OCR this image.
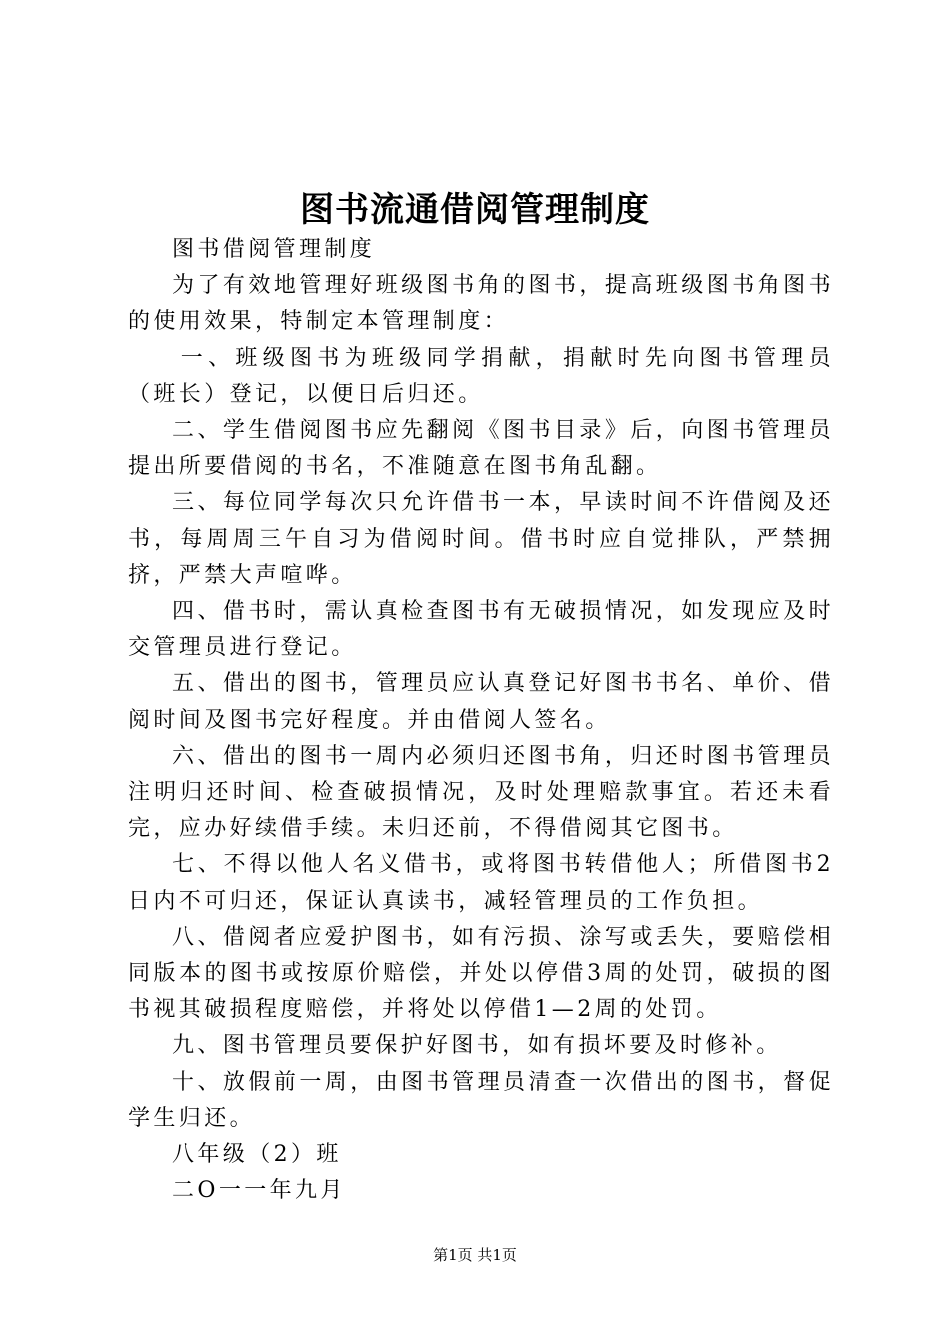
图书流通借阅管理制度

图书借阅管理制度

为了有效地管理好班级图书角的图书，提高班级图书角图书的使用效果，特制定本管理制度：

一、班级图书为班级同学捐献，捐献时先向图书管理员（班长）登记，以便日后归还。

二、学生借阅图书应先翻阅《图书目录》后，向图书管理员提出所要借阅的书名，不准随意在图书角乱翻。

三、每位同学每次只允许借书一本，早读时间不许借阅及还书，每周周三午自习为借阅时间。借书时应自觉排队，严禁拥挤，严禁大声喧哗。

四、借书时，需认真检查图书有无破损情况，如发现应及时交管理员进行登记。

五、借出的图书，管理员应认真登记好图书书名、单价、借阅时间及图书完好程度。并由借阅人签名。

六、借出的图书一周内必须归还图书角，归还时图书管理员注明归还时间、检查破损情况，及时处理赔款事宜。若还未看完，应办好续借手续。未归还前，不得借阅其它图书。

七、不得以他人名义借书，或将图书转借他人；所借图书2日内不可归还，保证认真读书，减轻管理员的工作负担。

八、借阅者应爱护图书，如有污损、涂写或丢失，要赔偿相同版本的图书或按原价赔偿，并处以停借3周的处罚，破损的图书视其破损程度赔偿，并将处以停借1—2周的处罚。

九、图书管理员要保护好图书，如有损坏要及时修补。

十、放假前一周，由图书管理员清查一次借出的图书，督促学生归还。

八年级（2）班

二O一一年九月

第1页 共1页
